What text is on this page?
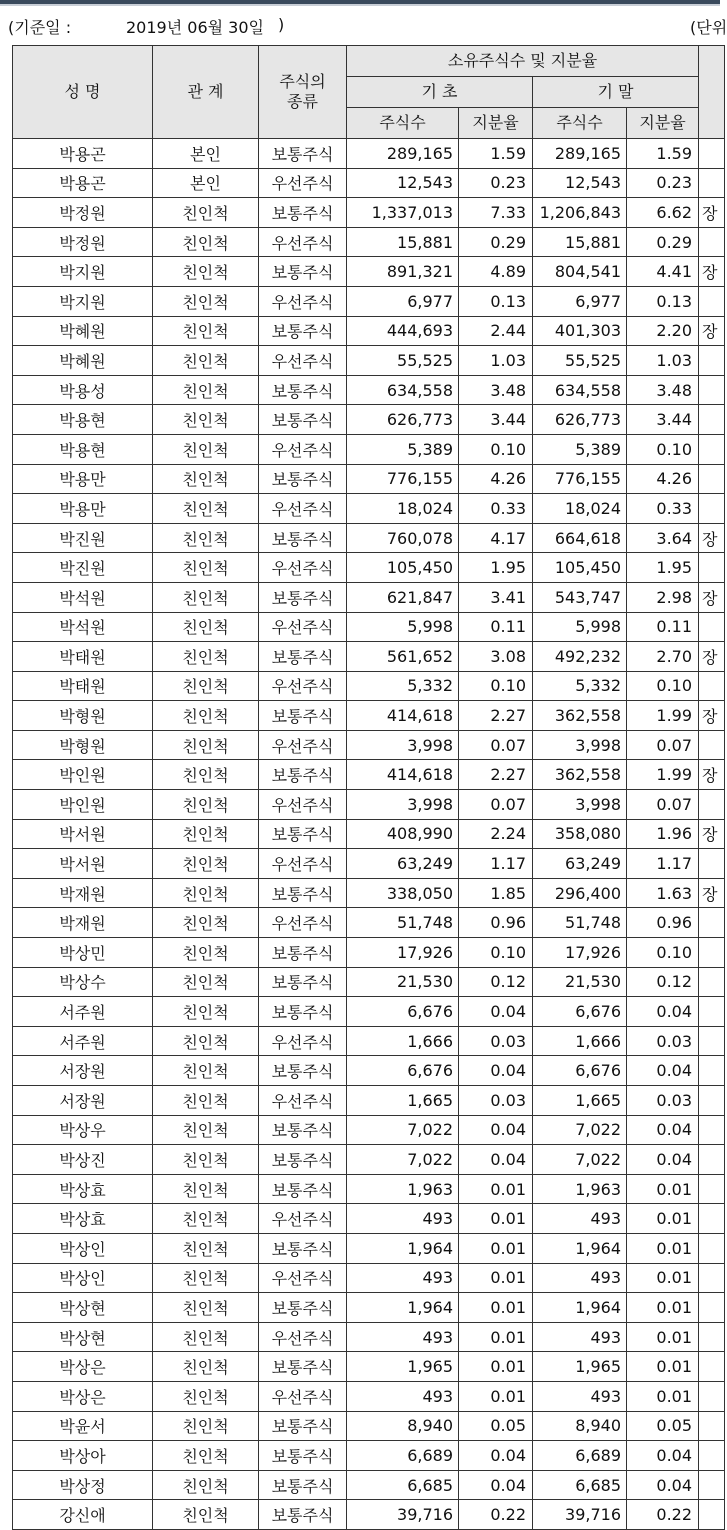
(기준일 :	2019년 06월 30일 )	(단위
성 명	관 계	주식의
종류	소유주식수 및 지분율				
			기 초		기 말		
			주식수	지분율	주식수	지분율	
박용곤	본인	보통주식	289,165	1.59	289,165	1.59	
박용곤	본인	우선주식	12,543	0.23	12,543	0.23	
박정원	친인척	보통주식	1,337,013	7.33	1,206,843	6.62	장
박정원	친인척	우선주식	15,881	0.29	15,881	0.29	
박지원	친인척	보통주식	891,321	4.89	804,541	4.41	장
박지원	친인척	우선주식	6,977	0.13	6,977	0.13	
박혜원	친인척	보통주식	444,693	2.44	401,303	2.20	장
박혜원	친인척	우선주식	55,525	1.03	55,525	1.03	
박용성	친인척	보통주식	634,558	3.48	634,558	3.48	
박용현	친인척	보통주식	626,773	3.44	626,773	3.44	
박용현	친인척	우선주식	5,389	0.10	5,389	0.10	
박용만	친인척	보통주식	776,155	4.26	776,155	4.26	
박용만	친인척	우선주식	18,024	0.33	18,024	0.33	
박진원	친인척	보통주식	760,078	4.17	664,618	3.64	장
박진원	친인척	우선주식	105,450	1.95	105,450	1.95	
박석원	친인척	보통주식	621,847	3.41	543,747	2.98	장
박석원	친인척	우선주식	5,998	0.11	5,998	0.11	
박태원	친인척	보통주식	561,652	3.08	492,232	2.70	장
박태원	친인척	우선주식	5,332	0.10	5,332	0.10	
박형원	친인척	보통주식	414,618	2.27	362,558	1.99	장
박형원	친인척	우선주식	3,998	0.07	3,998	0.07	
박인원	친인척	보통주식	414,618	2.27	362,558	1.99	장
박인원	친인척	우선주식	3,998	0.07	3,998	0.07	
박서원	친인척	보통주식	408,990	2.24	358,080	1.96	장
박서원	친인척	우선주식	63,249	1.17	63,249	1.17	
박재원	친인척	보통주식	338,050	1.85	296,400	1.63	장
박재원	친인척	우선주식	51,748	0.96	51,748	0.96	
박상민	친인척	보통주식	17,926	0.10	17,926	0.10	
박상수	친인척	보통주식	21,530	0.12	21,530	0.12	
서주원	친인척	보통주식	6,676	0.04	6,676	0.04	
서주원	친인척	우선주식	1,666	0.03	1,666	0.03	
서장원	친인척	보통주식	6,676	0.04	6,676	0.04	
서장원	친인척	우선주식	1,665	0.03	1,665	0.03	
박상우	친인척	보통주식	7,022	0.04	7,022	0.04	
박상진	친인척	보통주식	7,022	0.04	7,022	0.04	
박상효	친인척	보통주식	1,963	0.01	1,963	0.01	
박상효	친인척	우선주식	493	0.01	493	0.01	
박상인	친인척	보통주식	1,964	0.01	1,964	0.01	
박상인	친인척	우선주식	493	0.01	493	0.01	
박상현	친인척	보통주식	1,964	0.01	1,964	0.01	
박상현	친인척	우선주식	493	0.01	493	0.01	
박상은	친인척	보통주식	1,965	0.01	1,965	0.01	
박상은	친인척	우선주식	493	0.01	493	0.01	
박윤서	친인척	보통주식	8,940	0.05	8,940	0.05	
박상아	친인척	보통주식	6,689	0.04	6,689	0.04	
박상정	친인척	보통주식	6,685	0.04	6,685	0.04	
강신애	친인척	보통주식	39,716	0.22	39,716	0.22	
